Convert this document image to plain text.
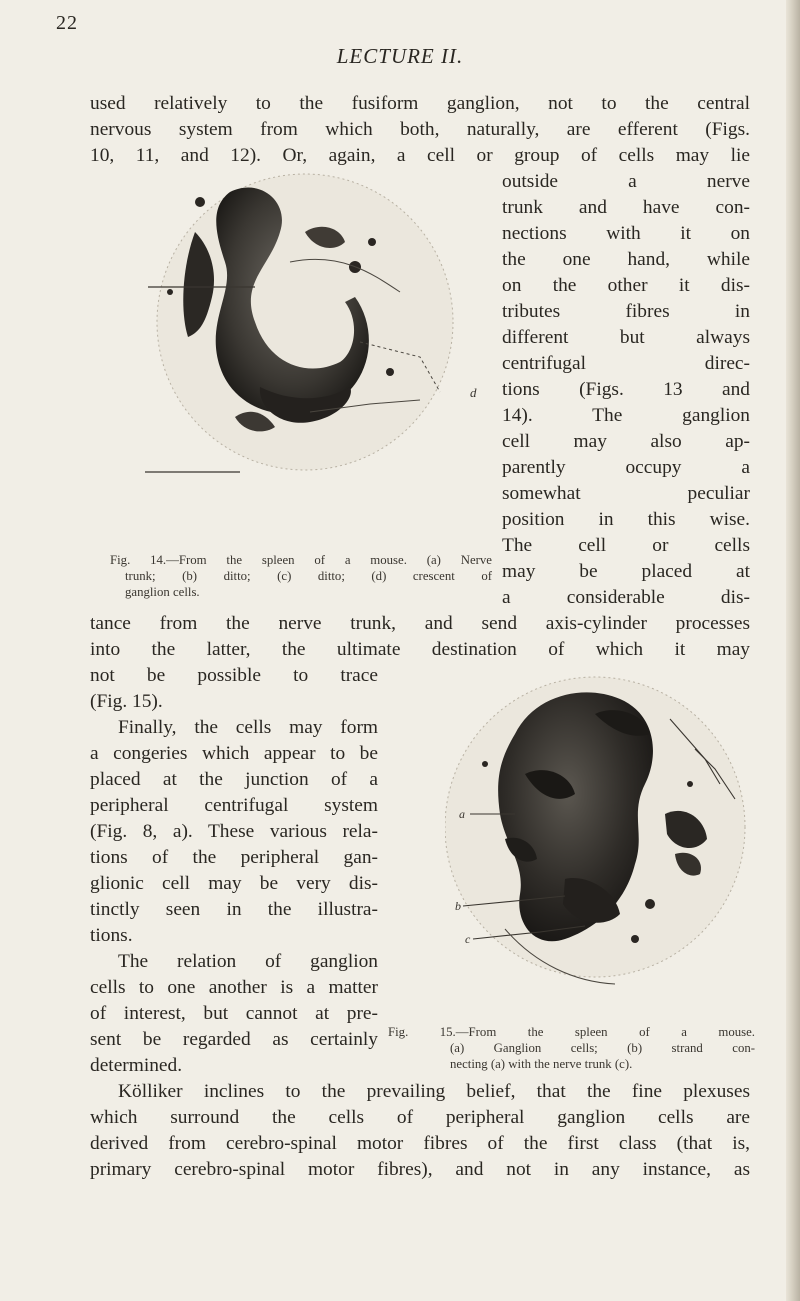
22
LECTURE II.
used relatively to the fusiform ganglion, not to the central
nervous system from which both, naturally, are efferent (Figs.
10, 11, and 12). Or, again, a cell or group of cells may lie
outside a nerve
trunk and have con-
nections with it on
the one hand, while
on the other it dis-
tributes fibres in
different but always
centrifugal direc-
tions (Figs. 13 and
14). The ganglion
cell may also ap-
parently occupy a
somewhat peculiar
position in this wise.
The cell or cells
may be placed at
a considerable dis-
d
Fig. 14.—From the spleen of a mouse. (a) Nerve
trunk; (b) ditto; (c) ditto; (d) crescent of
ganglion cells.
tance from the nerve trunk, and send axis-cylinder processes
into the latter, the ultimate destination of which it may
not be possible to trace
(Fig. 15).
Finally, the cells may form
a congeries which appear to be
placed at the junction of a
peripheral centrifugal system
(Fig. 8, a). These various rela-
tions of the peripheral gan-
glionic cell may be very dis-
tinctly seen in the illustra-
tions.
The relation of ganglion
cells to one another is a matter
of interest, but cannot at pre-
sent be regarded as certainly
determined.
a
b
c
Fig. 15.—From the spleen of a mouse.
(a) Ganglion cells; (b) strand con-
necting (a) with the nerve trunk (c).
Kölliker inclines to the prevailing belief, that the fine plexuses
which surround the cells of peripheral ganglion cells are
derived from cerebro-spinal motor fibres of the first class (that is,
primary cerebro-spinal motor fibres), and not in any instance, as
